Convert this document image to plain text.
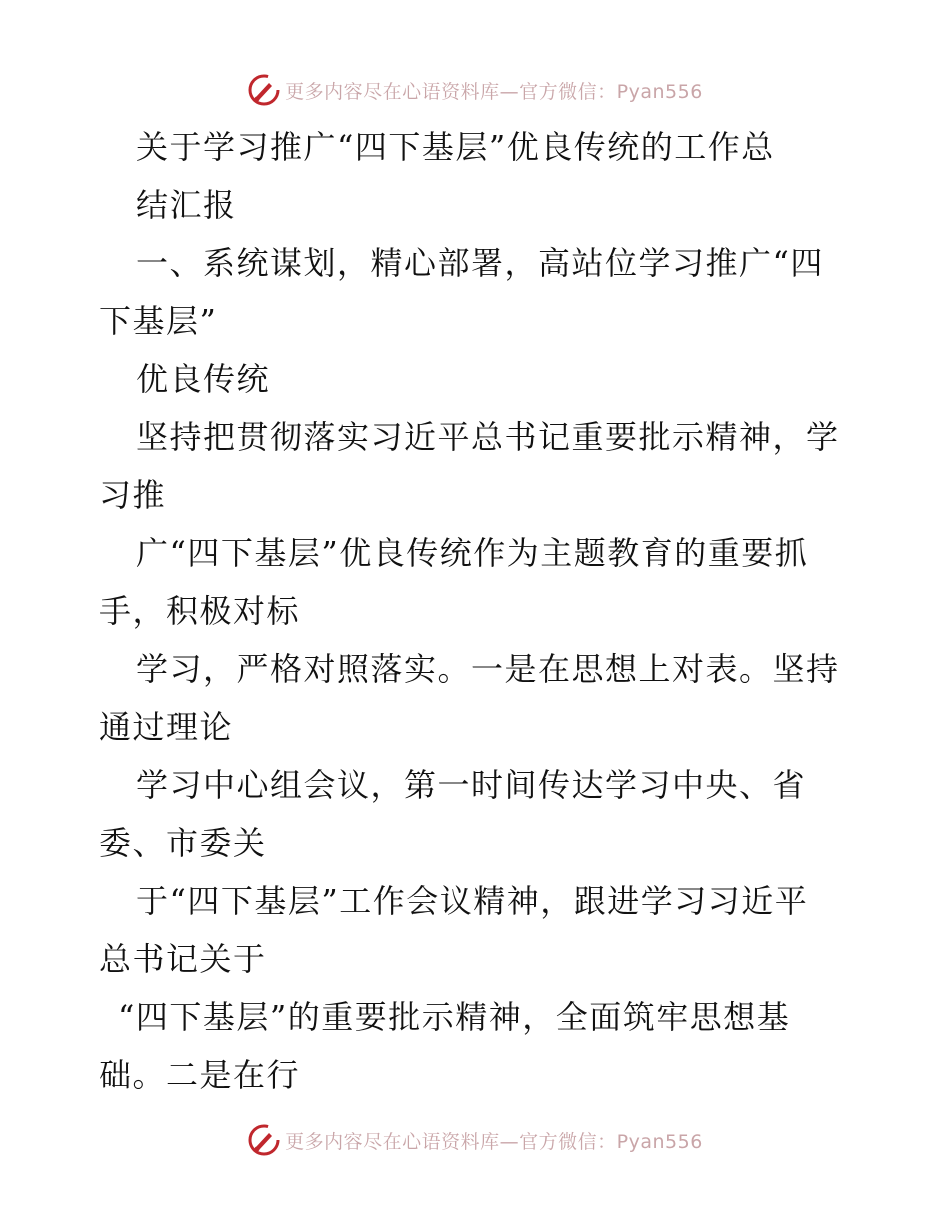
更多内容尽在心语资料库—官方微信：Pyan556
关于学习推广“四下基层”优良传统的工作总
结汇报
一、系统谋划，精心部署，高站位学习推广“四
下基层”
优良传统
坚持把贯彻落实习近平总书记重要批示精神，学
习推
广“四下基层”优良传统作为主题教育的重要抓
手，积极对标
学习，严格对照落实。一是在思想上对表。坚持
通过理论
学习中心组会议，第一时间传达学习中央、省
委、市委关
于“四下基层”工作会议精神，跟进学习习近平
总书记关于
“四下基层”的重要批示精神，全面筑牢思想基
础。二是在行
更多内容尽在心语资料库—官方微信：Pyan556
